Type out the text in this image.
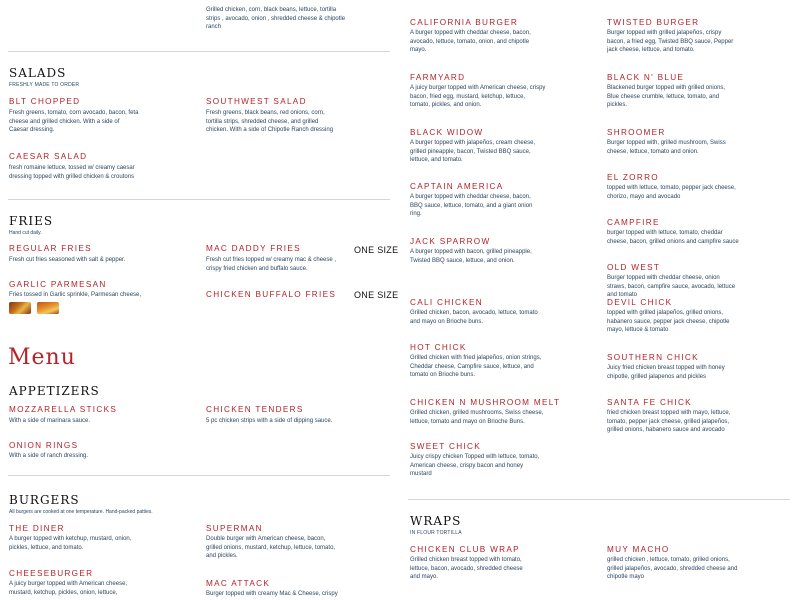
Grilled chicken, corn, black beans, lettuce, tortilla strips , avocado, onion , shredded cheese & chipotle ranch
SALADS
FRESHLY MADE TO ORDER
BLT CHOPPED
Fresh greens, tomato, corn avocado, bacon, feta cheese and grilled chicken. With a side of Caesar dressing.
SOUTHWEST SALAD
Fresh greens, black beans, red onions, corn, tortilla strips, shredded cheese, and grilled chicken. With a side of Chipotle Ranch dressing
CAESAR SALAD
fresh romaine lettuce, tossed w/ creamy caesar dressing topped with grilled chicken & croutons
FRIES
Hand cut daily.
REGULAR FRIES
Fresh cut fries seasoned with salt & pepper.
MAC DADDY FRIES
Fresh cut fries topped w/ creamy mac & cheese , crispy fried chicken and buffalo sauce.
ONE SIZE
GARLIC PARMESAN
Fries tossed in Garlic sprinkle, Parmesan cheese,
	CHICKEN BUFFALO FRIES ONE SIZE
Menu
APPETIZERS
MOZZARELLA STICKS
With a side of marinara sauce.
CHICKEN TENDERS
5 pc chicken strips with a side of dipping sauce.
ONION RINGS
With a side of ranch dressing.
BURGERS
All burgers are cooked at one temperature. Hand-packed patties.
THE DINER
A burger topped with ketchup, mustard, onion, pickles, lettuce, and tomato.
SUPERMAN
Double burger with American cheese, bacon, grilled onions, mustard, ketchup, lettuce, tomato, and pickles.
CHEESEBURGER
A juicy burger topped with American cheese, mustard, ketchup, pickles, onion, lettuce,
MAC ATTACK
Burger topped with creamy Mac & Cheese, crispy
CALIFORNIA BURGER
A burger topped with cheddar cheese, bacon, avocado, lettuce, tomato, onion, and chipotle mayo.
FARMYARD
A juicy burger topped with American cheese, crispy bacon, fried egg, mustard, ketchup, lettuce, tomato, pickles, and onion.
BLACK WIDOW
A burger topped with jalapeños, cream cheese, grilled pineapple, bacon, Twisted BBQ sauce, lettuce, and tomato.
CAPTAIN AMERICA
A burger topped with cheddar cheese, bacon, BBQ sauce, lettuce, tomato, and a giant onion ring.
JACK SPARROW
A burger topped with bacon, grilled pineapple, Twisted BBQ sauce, lettuce, and onion.
CALI CHICKEN
Grilled chicken, bacon, avocado, lettuce, tomato and mayo on Brioche buns.
HOT CHICK
Grilled chicken with fried jalapeños, onion strings, Cheddar cheese, Campfire sauce, lettuce, and tomato on Brioche buns.
CHICKEN N MUSHROOM MELT
Grilled chicken, grilled mushrooms, Swiss cheese, lettuce, tomato and mayo on Brioche Buns.
SWEET CHICK
Juicy crispy chicken Topped with lettuce, tomato, American cheese, crispy bacon and honey mustard
WRAPS
IN FLOUR TORTILLA
CHICKEN CLUB WRAP
Grilled chicken breast topped with tomato, lettuce, bacon, avocado, shredded cheese and mayo.
TWISTED BURGER
Burger topped with grilled jalapeños, crispy bacon, a fried egg, Twisted BBQ sauce, Pepper jack cheese, lettuce, and tomato.
BLACK N' BLUE
Blackened burger topped with grilled onions, Blue cheese crumble, lettuce, tomato, and pickles.
SHROOMER
Burger topped with, grilled mushroom, Swiss cheese, lettuce, tomato and onion.
EL ZORRO
topped with lettuce, tomato, pepper jack cheese, chorizo, mayo and avocado
CAMPFIRE
burger topped with lettuce, tomato, cheddar cheese, bacon, grilled onions and campfire sauce
OLD WEST
Burger topped with cheddar cheese, onion straws, bacon, campfire sauce, avocado, lettuce and tomato
DEVIL CHICK
topped with grilled jalapeños, grilled onions, habanero sauce, pepper jack cheese, chipotle mayo, lettuce & tomato
SOUTHERN CHICK
Juicy fried chicken breast topped with honey chipotle, grilled jalapenos and pickles
SANTA FE CHICK
fried chicken breast topped with mayo, lettuce, tomato, pepper jack cheese, grilled jalapeños, grilled onions, habanero sauce and avocado
MUY MACHO
grilled chicken , lettuce, tomato, grilled onions, grilled jalapeños, avocado, shredded cheese and chipotle mayo
